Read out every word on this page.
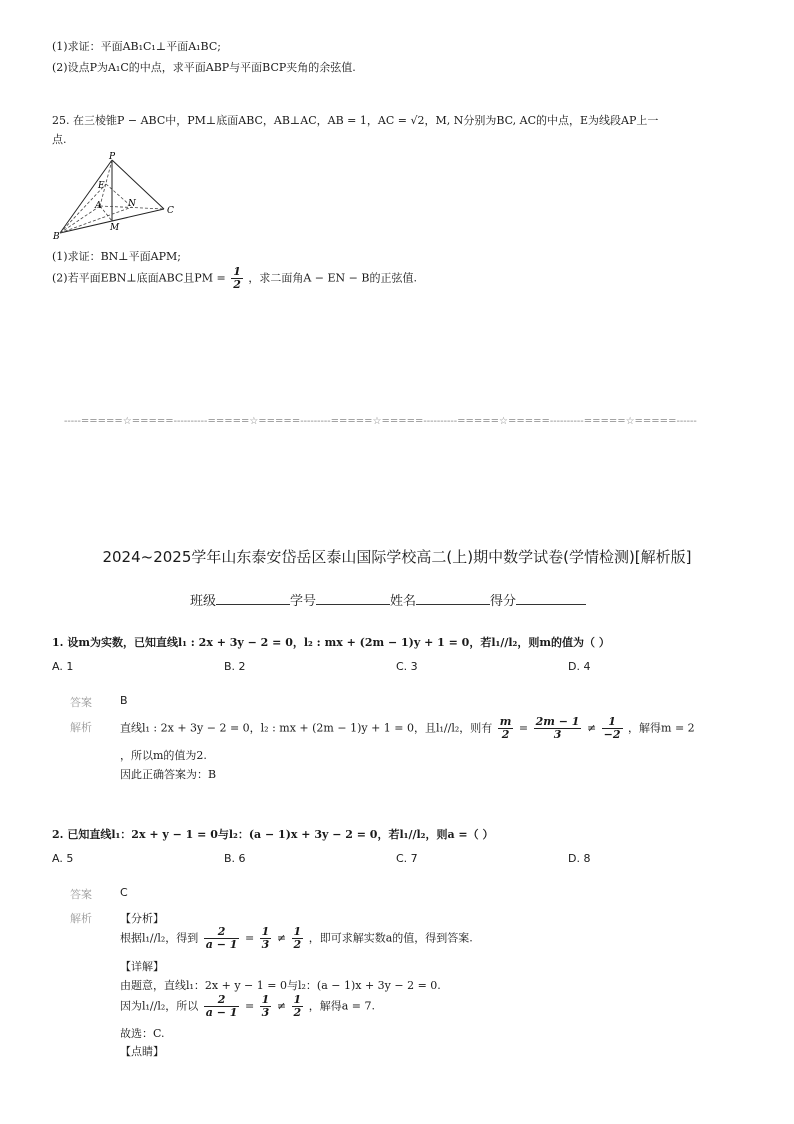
(1)求证：平面AB₁C₁⊥平面A₁BC;
(2)设点P为A₁C的中点，求平面ABP与平面BCP夹角的余弦值.
25. 在三棱锥P − ABC中，PM⊥底面ABC，AB⊥AC，AB = 1，AC = √2，M, N分别为BC, AC的中点，E为线段AP上一
点.
P
E
A	N
C
B
M
(1)求证：BN⊥平面APM;
(2)若平面EBN⊥底面ABC且PM = $\frac{1}{2}$ ，求二面角A − EN − B的正弦值.
-----=====☆=====----------=====☆=====---------=====☆=====----------=====☆=====----------=====☆=====------
2024~2025学年山东泰安岱岳区泰山国际学校高二(上)期中数学试卷(学情检测)[解析版]
班级	学号	姓名	得分
1. 设m为实数，已知直线l₁ : 2x + 3y − 2 = 0，l₂ : mx + (2m − 1)y + 1 = 0，若l₁//l₂，则m的值为（ ）
A. 1	B. 2	C. 3	D. 4
答案	B
解析	直线l₁ : 2x + 3y − 2 = 0，l₂ : mx + (2m − 1)y + 1 = 0，且l₁//l₂，则有 $\frac{m}{2} = \frac{2m - 1}{3} \ne \frac{1}{-2}$ ，解得m = 2
，所以m的值为2.
因此正确答案为：B
2. 已知直线l₁：2x + y − 1 = 0与l₂：(a − 1)x + 3y − 2 = 0，若l₁//l₂，则a =（ ）
A. 5	B. 6	C. 7	D. 8
答案	C
解析	【分析】
根据l₁//l₂，得到 $\frac{2}{a - 1} = \frac{1}{3} \ne \frac{1}{2}$ ，即可求解实数a的值，得到答案.
【详解】
由题意，直线l₁：2x + y − 1 = 0与l₂：(a − 1)x + 3y − 2 = 0.
因为l₁//l₂，所以 $\frac{2}{a - 1} = \frac{1}{3} \ne \frac{1}{2}$ ，解得a = 7.
故选：C.
【点睛】
